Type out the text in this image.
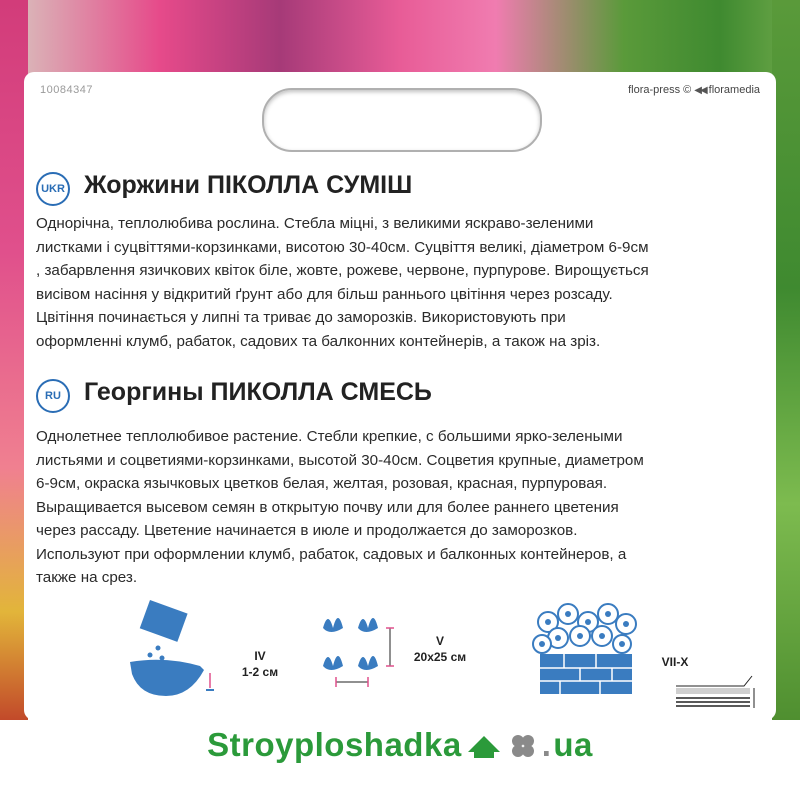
10084347	flora-press © ◀◀ floramedia
UKR Жоржини ПІКОЛЛА СУМІШ
Однорічна, теплолюбива рослина. Стебла міцні, з великими яскраво-зеленими
листками і суцвіттями-корзинками, висотою 30-40см. Суцвіття великі, діаметром 6-9см
, забарвлення язичкових квіток біле, жовте, рожеве, червоне, пурпурове. Вирощується
висівом насіння у відкритий ґрунт або для більш раннього цвітіння через розсаду.
Цвітіння починається у липні та триває до заморозків. Використовують при
оформленні клумб, рабаток, садових та балконних контейнерів, а також на зріз.
RU Георгины ПИКОЛЛА СМЕСЬ
Однолетнее теплолюбивое растение. Стебли крепкие, с большими ярко-зелеными
листьями и соцветиями-корзинками, высотой 30-40см. Соцветия крупные, диаметром
6-9см, окраска язычковых цветков белая, желтая, розовая, красная, пурпуровая.
Выращивается высевом семян в открытую почву или для более раннего цветения
через рассаду. Цветение начинается в июле и продолжается до заморозков.
Используют при оформлении клумб, рабаток, садовых и балконных контейнеров, а
также на срез.
IV
1-2 см
V
20x25 см	VII-X
Stroyploshadka . ua
